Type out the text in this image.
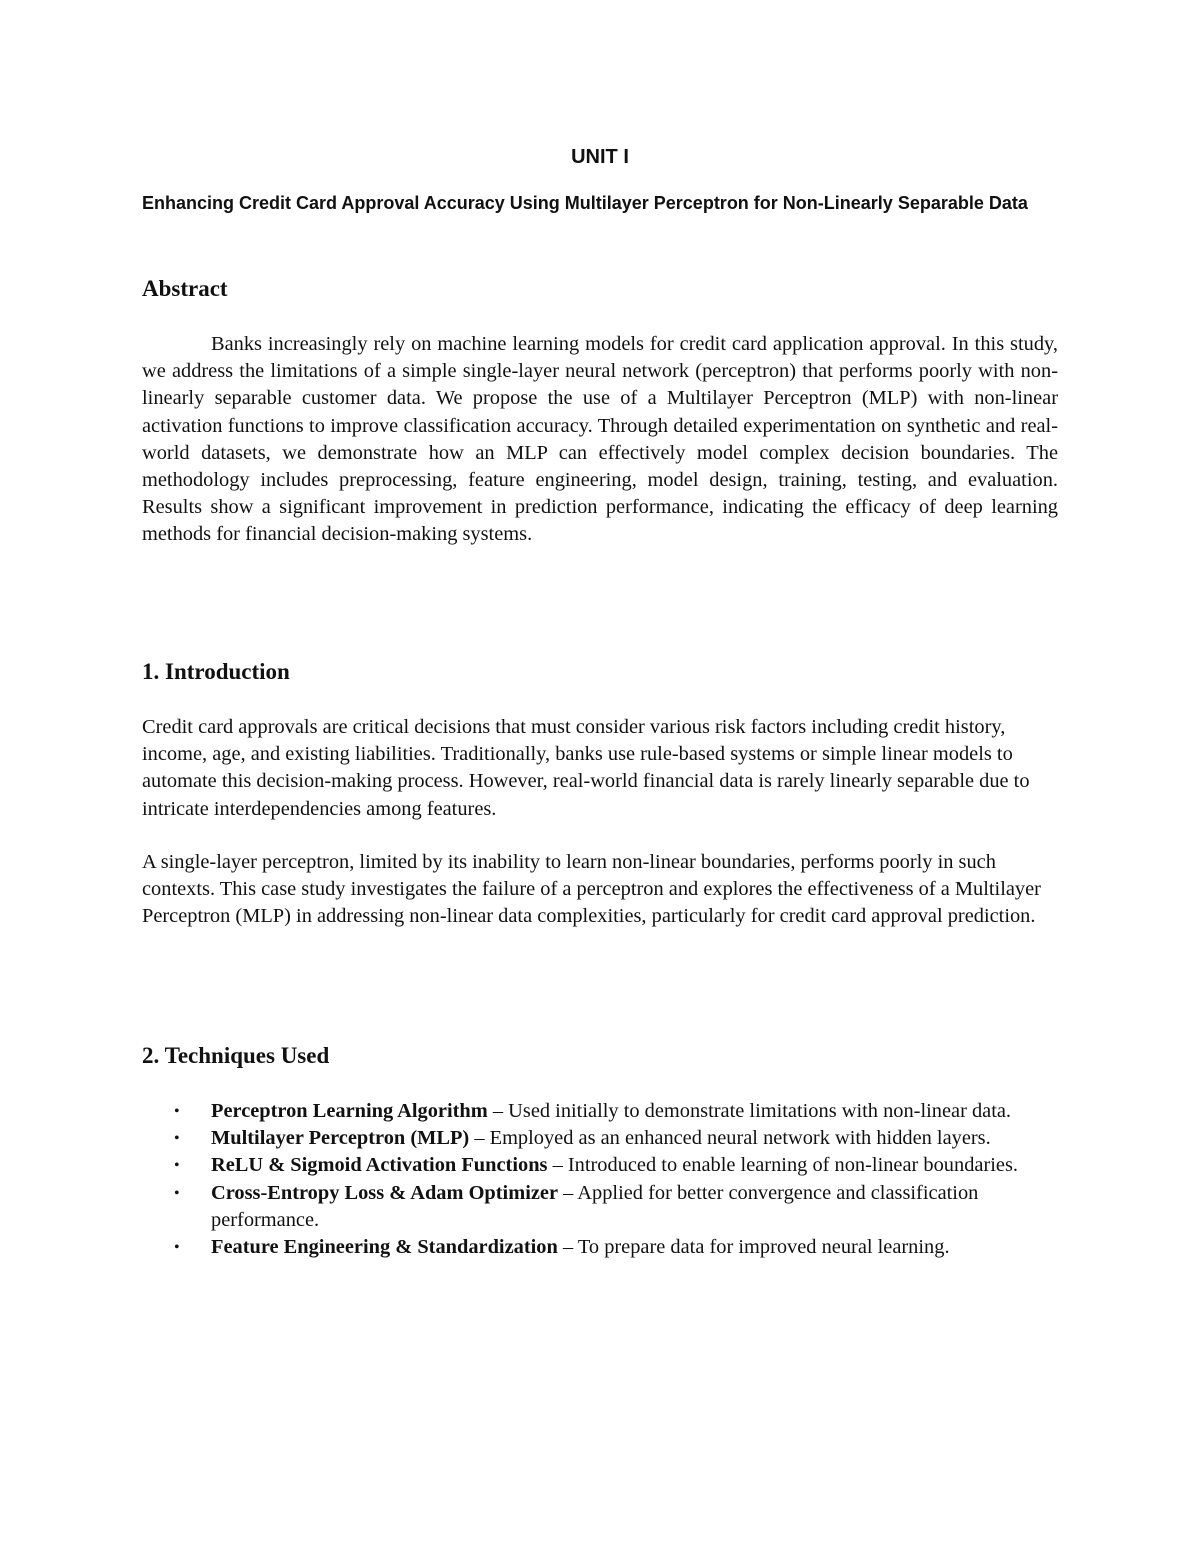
UNIT I
Enhancing Credit Card Approval Accuracy Using Multilayer Perceptron for Non-Linearly Separable Data
Abstract

Banks increasingly rely on machine learning models for credit card application approval. In this study, we address the limitations of a simple single-layer neural network (perceptron) that performs poorly with non-linearly separable customer data. We propose the use of a Multilayer Perceptron (MLP) with non-linear activation functions to improve classification accuracy. Through detailed experimentation on synthetic and real-world datasets, we demonstrate how an MLP can effectively model complex decision boundaries. The methodology includes preprocessing, feature engineering, model design, training, testing, and evaluation. Results show a significant improvement in prediction performance, indicating the efficacy of deep learning methods for financial decision-making systems.

1. Introduction

Credit card approvals are critical decisions that must consider various risk factors including credit history, income, age, and existing liabilities. Traditionally, banks use rule-based systems or simple linear models to automate this decision-making process. However, real-world financial data is rarely linearly separable due to intricate interdependencies among features.

A single-layer perceptron, limited by its inability to learn non-linear boundaries, performs poorly in such contexts. This case study investigates the failure of a perceptron and explores the effectiveness of a Multilayer Perceptron (MLP) in addressing non-linear data complexities, particularly for credit card approval prediction.

2. Techniques Used
• Perceptron Learning Algorithm – Used initially to demonstrate limitations with non-linear data.
• Multilayer Perceptron (MLP) – Employed as an enhanced neural network with hidden layers.
• ReLU & Sigmoid Activation Functions – Introduced to enable learning of non-linear boundaries.
• Cross-Entropy Loss & Adam Optimizer – Applied for better convergence and classification performance.
• Feature Engineering & Standardization – To prepare data for improved neural learning.
